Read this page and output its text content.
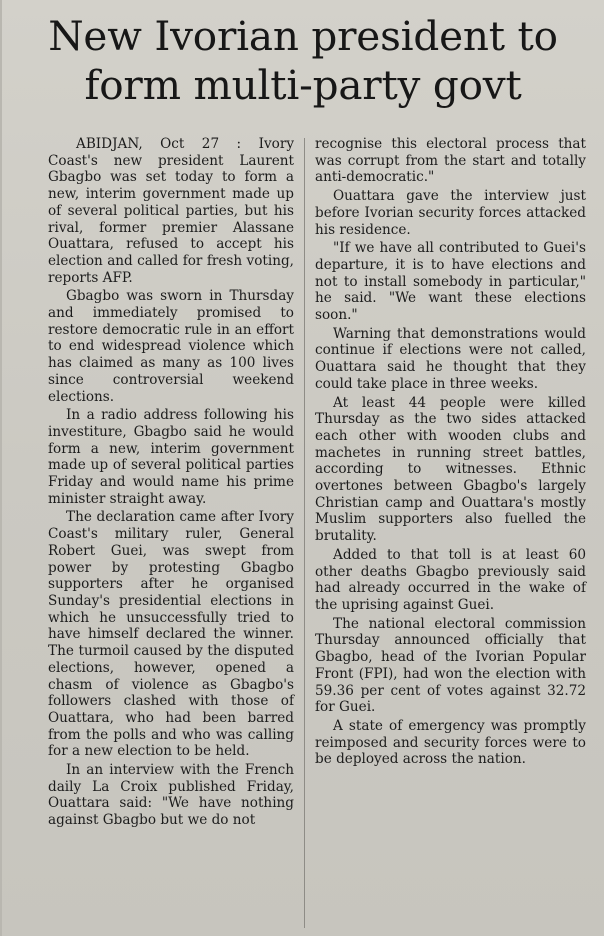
New Ivorian president to
form multi-party govt

ABIDJAN, Oct 27 : Ivory Coast's new president Laurent Gbagbo was set today to form a new, interim government made up of several political parties, but his rival, former premier Alassane Ouattara, refused to accept his election and called for fresh voting, reports AFP.

Gbagbo was sworn in Thursday and immediately promised to restore democratic rule in an effort to end widespread violence which has claimed as many as 100 lives since controversial weekend elections.

In a radio address following his investiture, Gbagbo said he would form a new, interim government made up of several political parties Friday and would name his prime minister straight away.

The declaration came after Ivory Coast's military ruler, General Robert Guei, was swept from power by protesting Gbagbo supporters after he organised Sunday's presidential elections in which he unsuccessfully tried to have himself declared the winner. The turmoil caused by the disputed elections, however, opened a chasm of violence as Gbagbo's followers clashed with those of Ouattara, who had been barred from the polls and who was calling for a new election to be held.

In an interview with the French daily La Croix published Friday, Ouattara said: "We have nothing against Gbagbo but we do not

recognise this electoral process that was corrupt from the start and totally anti-democratic."

Ouattara gave the interview just before Ivorian security forces attacked his residence.

"If we have all contributed to Guei's departure, it is to have elections and not to install somebody in particular," he said. "We want these elections soon."

Warning that demonstrations would continue if elections were not called, Ouattara said he thought that they could take place in three weeks.

At least 44 people were killed Thursday as the two sides attacked each other with wooden clubs and machetes in running street battles, according to witnesses. Ethnic overtones between Gbagbo's largely Christian camp and Ouattara's mostly Muslim supporters also fuelled the brutality.

Added to that toll is at least 60 other deaths Gbagbo previously said had already occurred in the wake of the uprising against Guei.

The national electoral commission Thursday announced officially that Gbagbo, head of the Ivorian Popular Front (FPI), had won the election with 59.36 per cent of votes against 32.72 for Guei.

A state of emergency was promptly reimposed and security forces were to be deployed across the nation.
